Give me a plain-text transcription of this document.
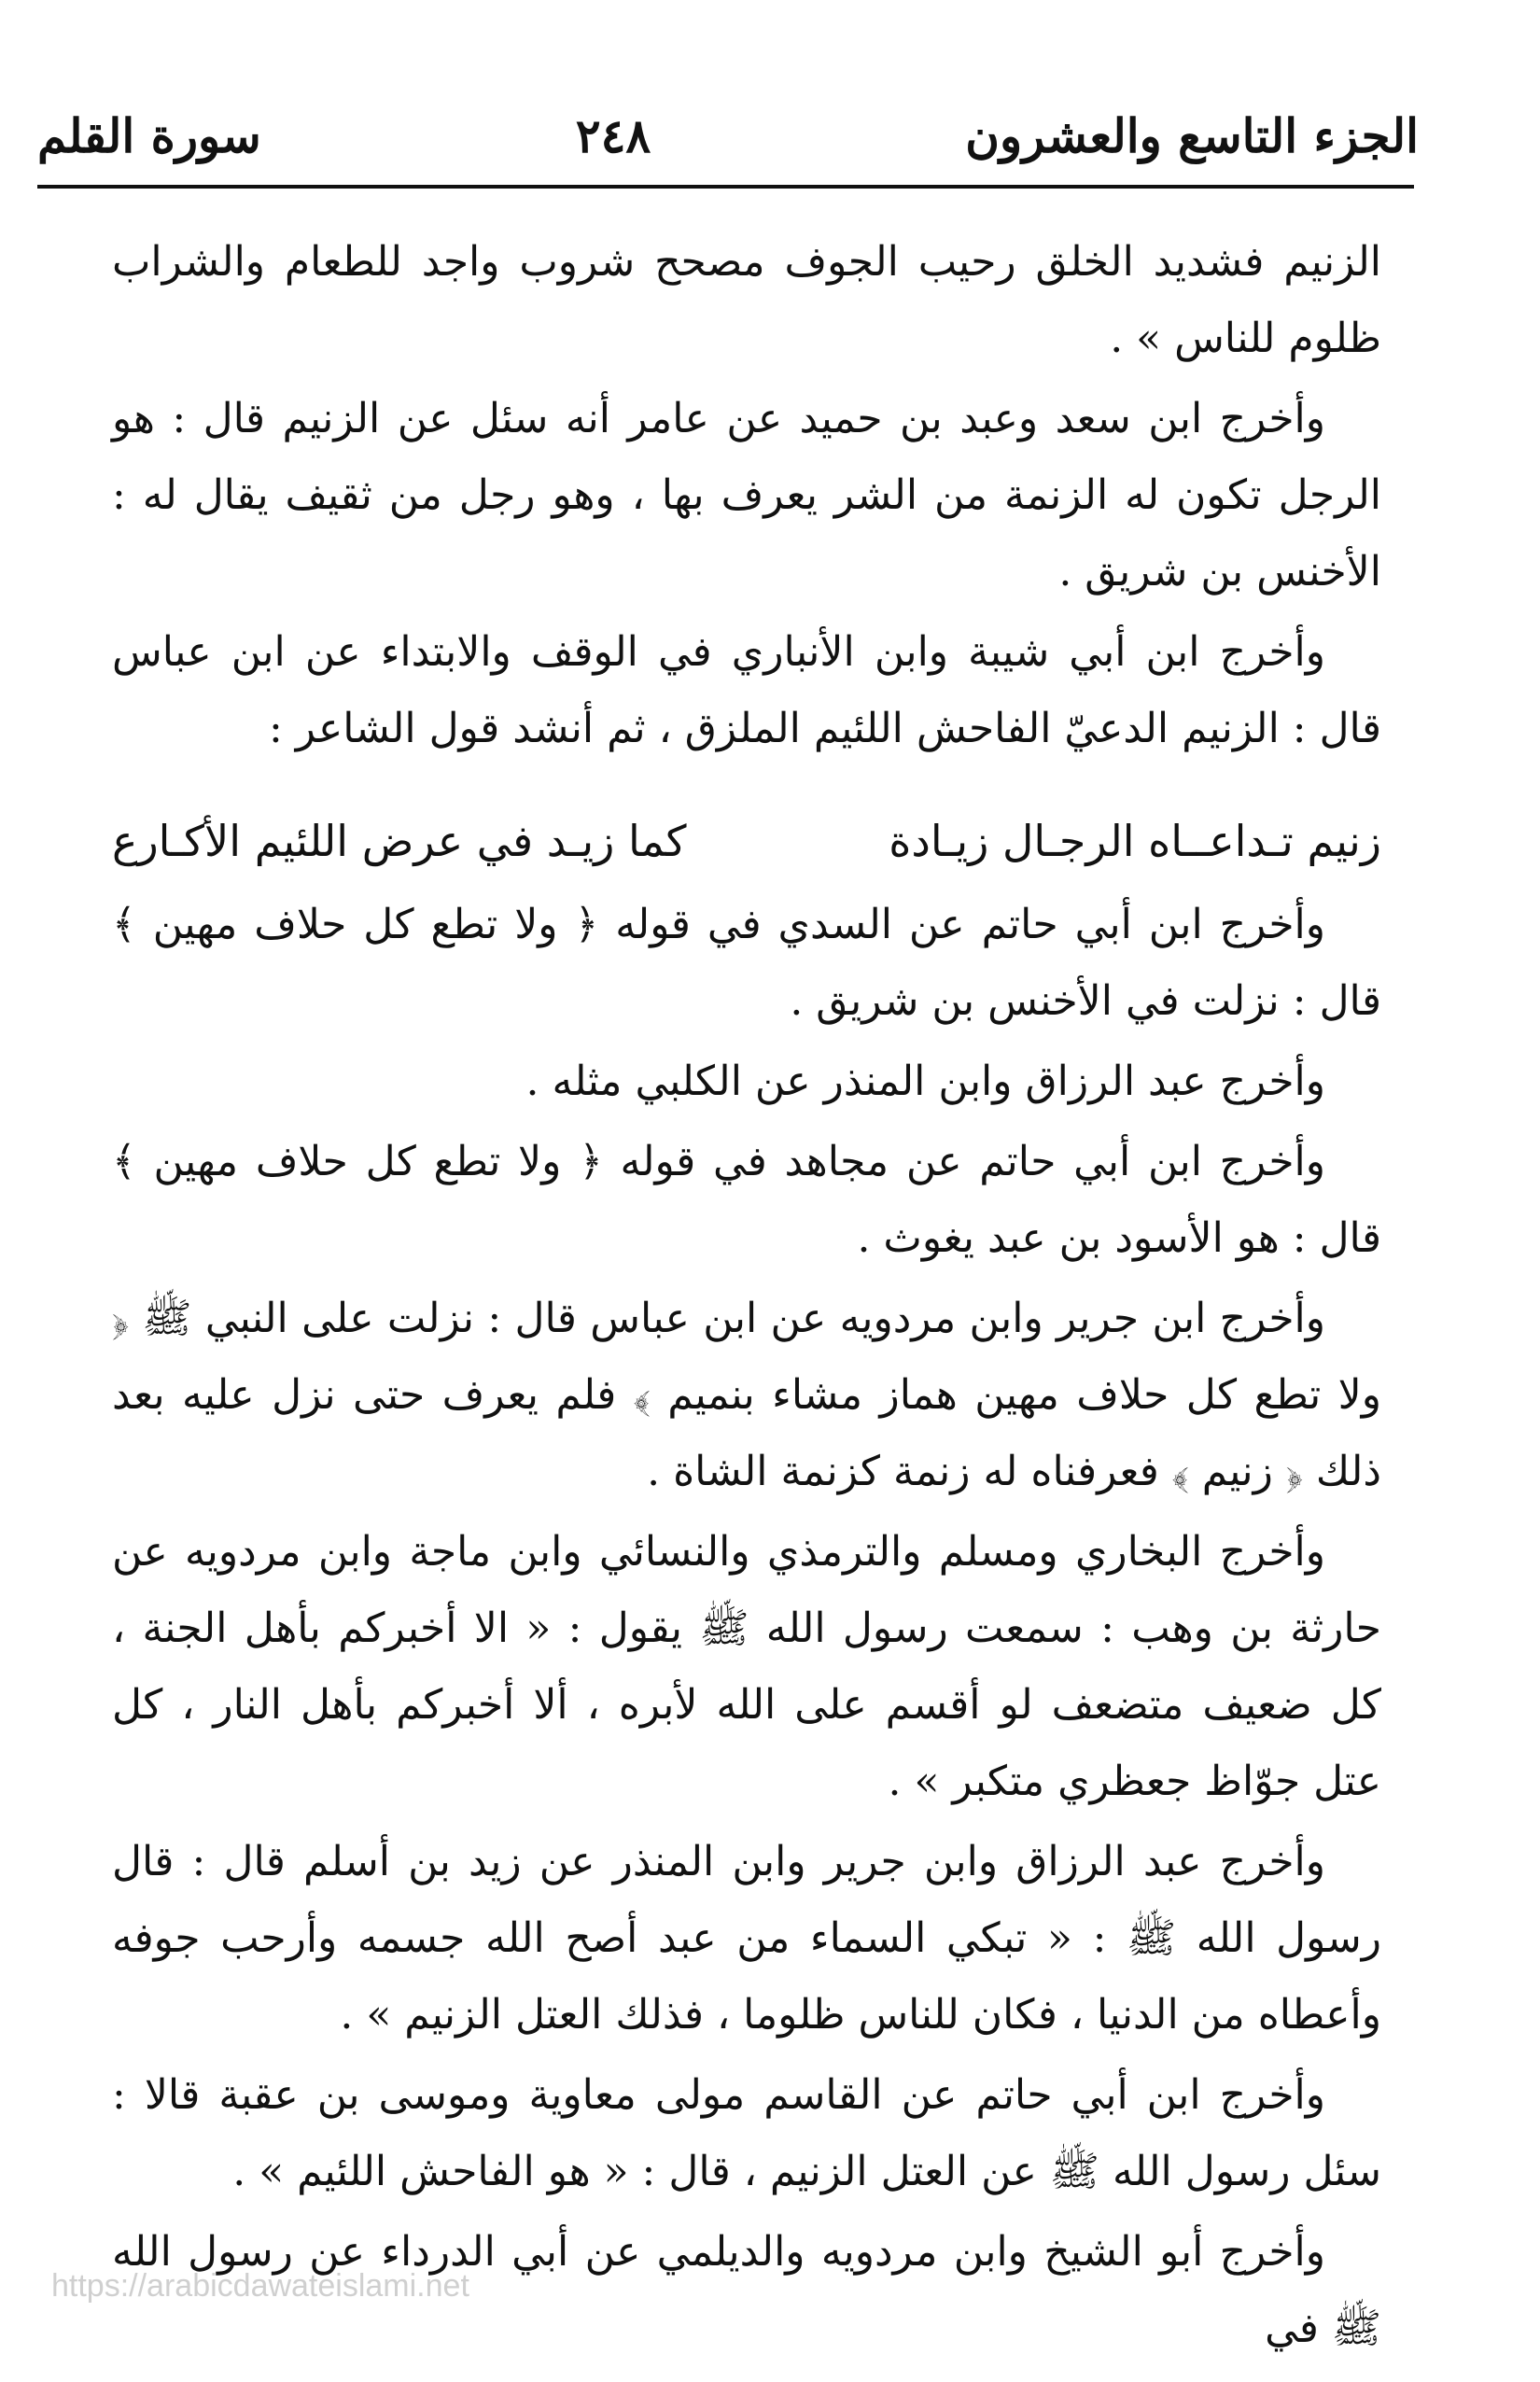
الجزء التاسع والعشرون
٢٤٨
سورة القلم

الزنيم فشديد الخلق رحيب الجوف مصحح شروب واجد للطعام والشراب ظلوم للناس » .

وأخرج ابن سعد وعبد بن حميد عن عامر أنه سئل عن الزنيم قال : هو الرجل تكون له الزنمة من الشر يعرف بها ، وهو رجل من ثقيف يقال له : الأخنس بن شريق .

وأخرج ابن أبي شيبة وابن الأنباري في الوقف والابتداء عن ابن عباس قال : الزنيم الدعيّ الفاحش اللئيم الملزق ، ثم أنشد قول الشاعر :

زنيم تـداعــاه الرجـال زيـادة
كما زيـد في عرض اللئيم الأكـارع

وأخرج ابن أبي حاتم عن السدي في قوله ﴿ ولا تطع كل حلاف مهين ﴾ قال : نزلت في الأخنس بن شريق .

وأخرج عبد الرزاق وابن المنذر عن الكلبي مثله .

وأخرج ابن أبي حاتم عن مجاهد في قوله ﴿ ولا تطع كل حلاف مهين ﴾ قال : هو الأسود بن عبد يغوث .

وأخرج ابن جرير وابن مردويه عن ابن عباس قال : نزلت على النبي ﷺ ﴿ ولا تطع كل حلاف مهين هماز مشاء بنميم ﴾ فلم يعرف حتى نزل عليه بعد ذلك ﴿ زنيم ﴾ فعرفناه له زنمة كزنمة الشاة .

وأخرج البخاري ومسلم والترمذي والنسائي وابن ماجة وابن مردويه عن حارثة بن وهب : سمعت رسول الله ﷺ يقول : « الا أخبركم بأهل الجنة ، كل ضعيف متضعف لو أقسم على الله لأبره ، ألا أخبركم بأهل النار ، كل عتل جوّاظ جعظري متكبر » .

وأخرج عبد الرزاق وابن جرير وابن المنذر عن زيد بن أسلم قال : قال رسول الله ﷺ : « تبكي السماء من عبد أصح الله جسمه وأرحب جوفه وأعطاه من الدنيا ، فكان للناس ظلوما ، فذلك العتل الزنيم » .

وأخرج ابن أبي حاتم عن القاسم مولى معاوية وموسى بن عقبة قالا : سئل رسول الله ﷺ عن العتل الزنيم ، قال : « هو الفاحش اللئيم » .

وأخرج أبو الشيخ وابن مردويه والديلمي عن أبي الدرداء عن رسول الله ﷺ في

https://arabicdawateislami.net
